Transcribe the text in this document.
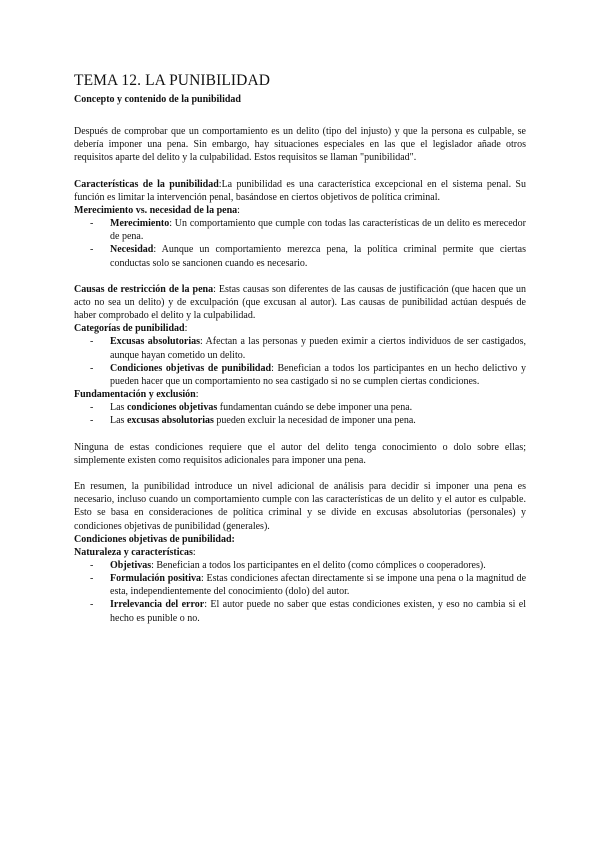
TEMA 12. LA PUNIBILIDAD
Concepto y contenido de la punibilidad

Después de comprobar que un comportamiento es un delito (tipo del injusto) y que la persona es culpable, se debería imponer una pena. Sin embargo, hay situaciones especiales en las que el legislador añade otros requisitos aparte del delito y la culpabilidad. Estos requisitos se llaman "punibilidad".

Características de la punibilidad:La punibilidad es una característica excepcional en el sistema penal. Su función es limitar la intervención penal, basándose en ciertos objetivos de política criminal.

Merecimiento vs. necesidad de la pena:
- Merecimiento: Un comportamiento que cumple con todas las características de un delito es merecedor de pena.
- Necesidad: Aunque un comportamiento merezca pena, la política criminal permite que ciertas conductas solo se sancionen cuando es necesario.

Causas de restricción de la pena: Estas causas son diferentes de las causas de justificación (que hacen que un acto no sea un delito) y de exculpación (que excusan al autor). Las causas de punibilidad actúan después de haber comprobado el delito y la culpabilidad.

Categorías de punibilidad:
- Excusas absolutorias: Afectan a las personas y pueden eximir a ciertos individuos de ser castigados, aunque hayan cometido un delito.
- Condiciones objetivas de punibilidad: Benefician a todos los participantes en un hecho delictivo y pueden hacer que un comportamiento no sea castigado si no se cumplen ciertas condiciones.
Fundamentación y exclusión:
- Las condiciones objetivas fundamentan cuándo se debe imponer una pena.
- Las excusas absolutorias pueden excluir la necesidad de imponer una pena.

Ninguna de estas condiciones requiere que el autor del delito tenga conocimiento o dolo sobre ellas; simplemente existen como requisitos adicionales para imponer una pena.

En resumen, la punibilidad introduce un nivel adicional de análisis para decidir si imponer una pena es necesario, incluso cuando un comportamiento cumple con las características de un delito y el autor es culpable. Esto se basa en consideraciones de política criminal y se divide en excusas absolutorias (personales) y condiciones objetivas de punibilidad (generales).

Condiciones objetivas de punibilidad:
Naturaleza y características:
- Objetivas: Benefician a todos los participantes en el delito (como cómplices o cooperadores).
- Formulación positiva: Estas condiciones afectan directamente si se impone una pena o la magnitud de esta, independientemente del conocimiento (dolo) del autor.
- Irrelevancia del error: El autor puede no saber que estas condiciones existen, y eso no cambia si el hecho es punible o no.
